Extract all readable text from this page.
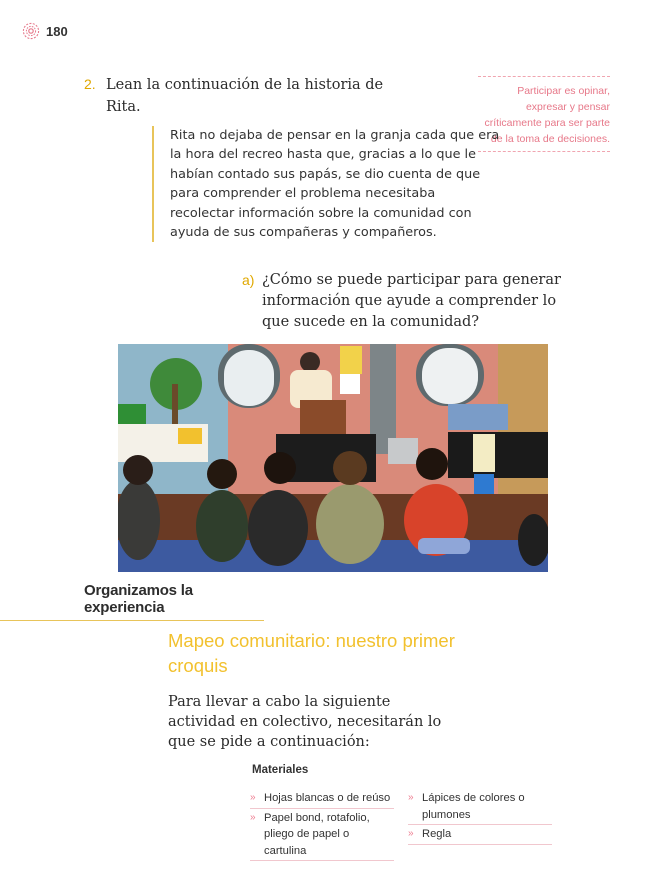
180
2. Lean la continuación de la historia de Rita.
Participar es opinar, expresar y pensar críticamente para ser parte de la toma de decisiones.

Rita no dejaba de pensar en la granja cada que era la hora del recreo hasta que, gracias a lo que le habían contado sus papás, se dio cuenta de que para comprender el problema necesitaba recolectar información sobre la comunidad con ayuda de sus compañeras y compañeros.

a) ¿Cómo se puede participar para generar información que ayude a comprender lo que sucede en la comunidad?
Organizamos la experiencia
Mapeo comunitario: nuestro primer croquis
Para llevar a cabo la siguiente actividad en colectivo, necesitarán lo que se pide a continuación:
Materiales
» Hojas blancas o de reúso
» Papel bond, rotafolio, pliego de papel o cartulina
» Lápices de colores o plumones
» Regla
